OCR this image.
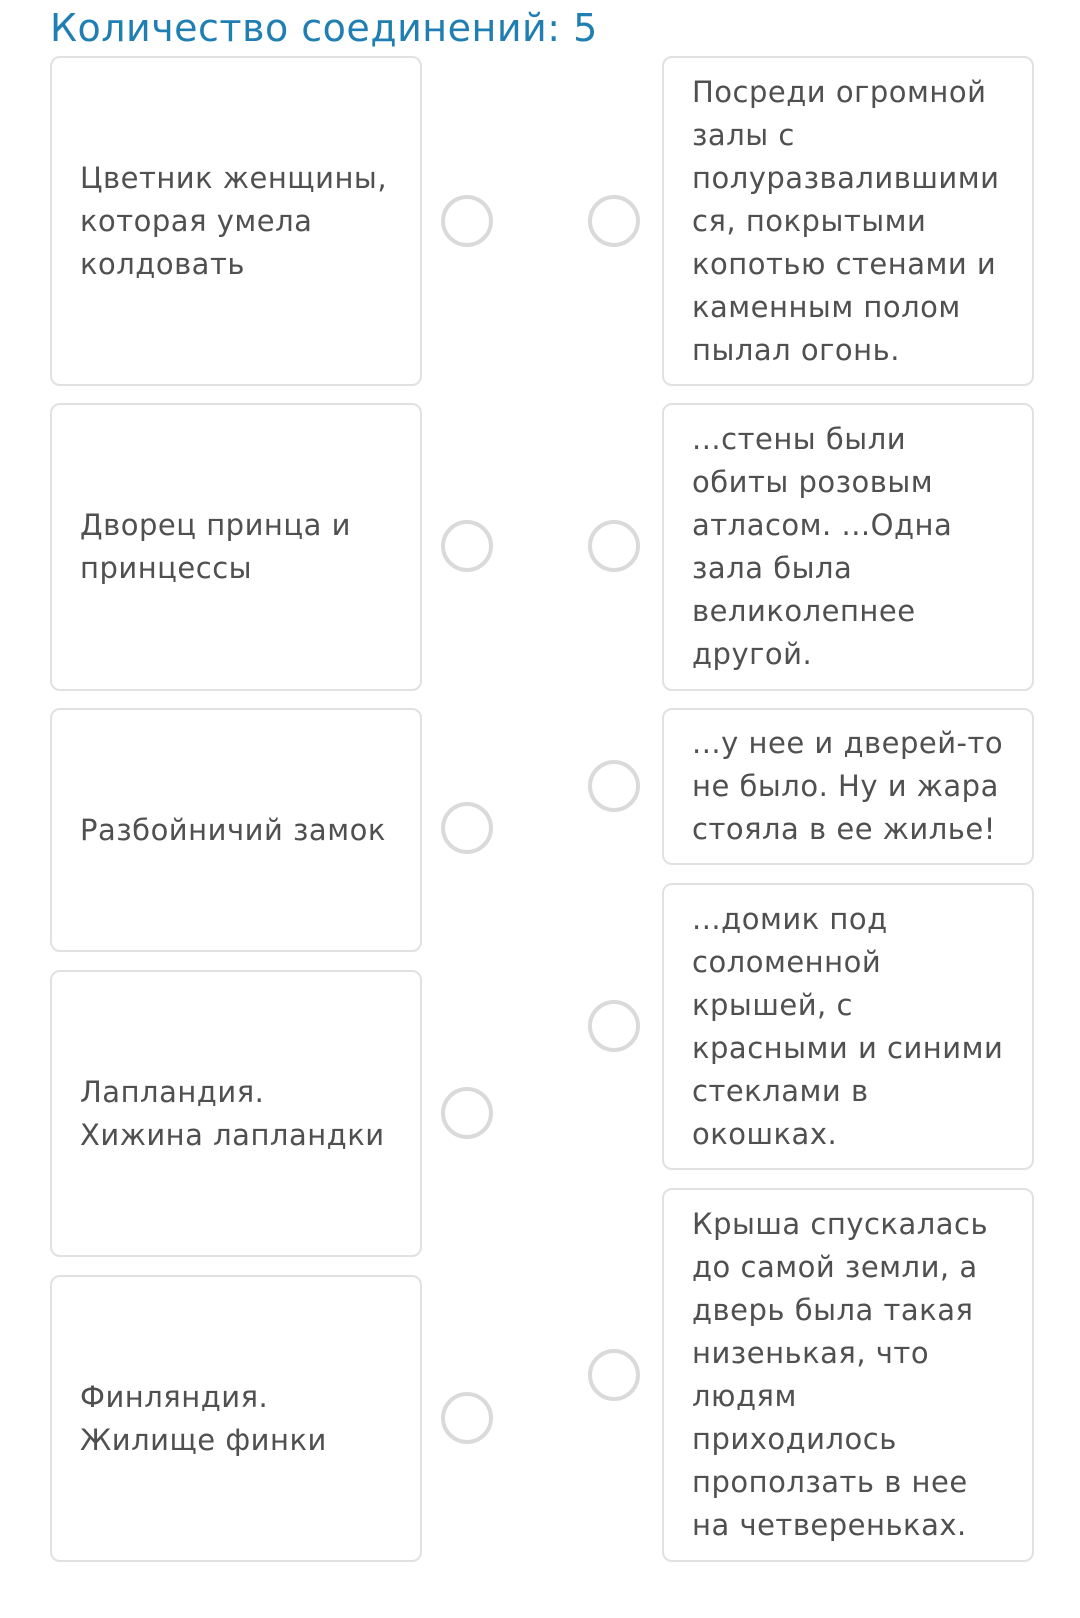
Количество соединений: 5
Цветник женщины, которая умела колдовать
Дворец принца и принцессы
Разбойничий замок
Лапландия. Хижина лапландки
Финляндия. Жилище финки
Посреди огромной залы с полуразвалившими ся, покрытыми копотью стенами и каменным полом пылал огонь.
...стены были обиты розовым атласом. ...Одна зала была великолепнее другой.
...у нее и дверей-то не было. Ну и жара стояла в ее жилье!
...домик под соломенной крышей, с красными и синими стеклами в окошках.
Крыша спускалась до самой земли, а дверь была такая низенькая, что людям приходилось проползать в нее на четвереньках.
